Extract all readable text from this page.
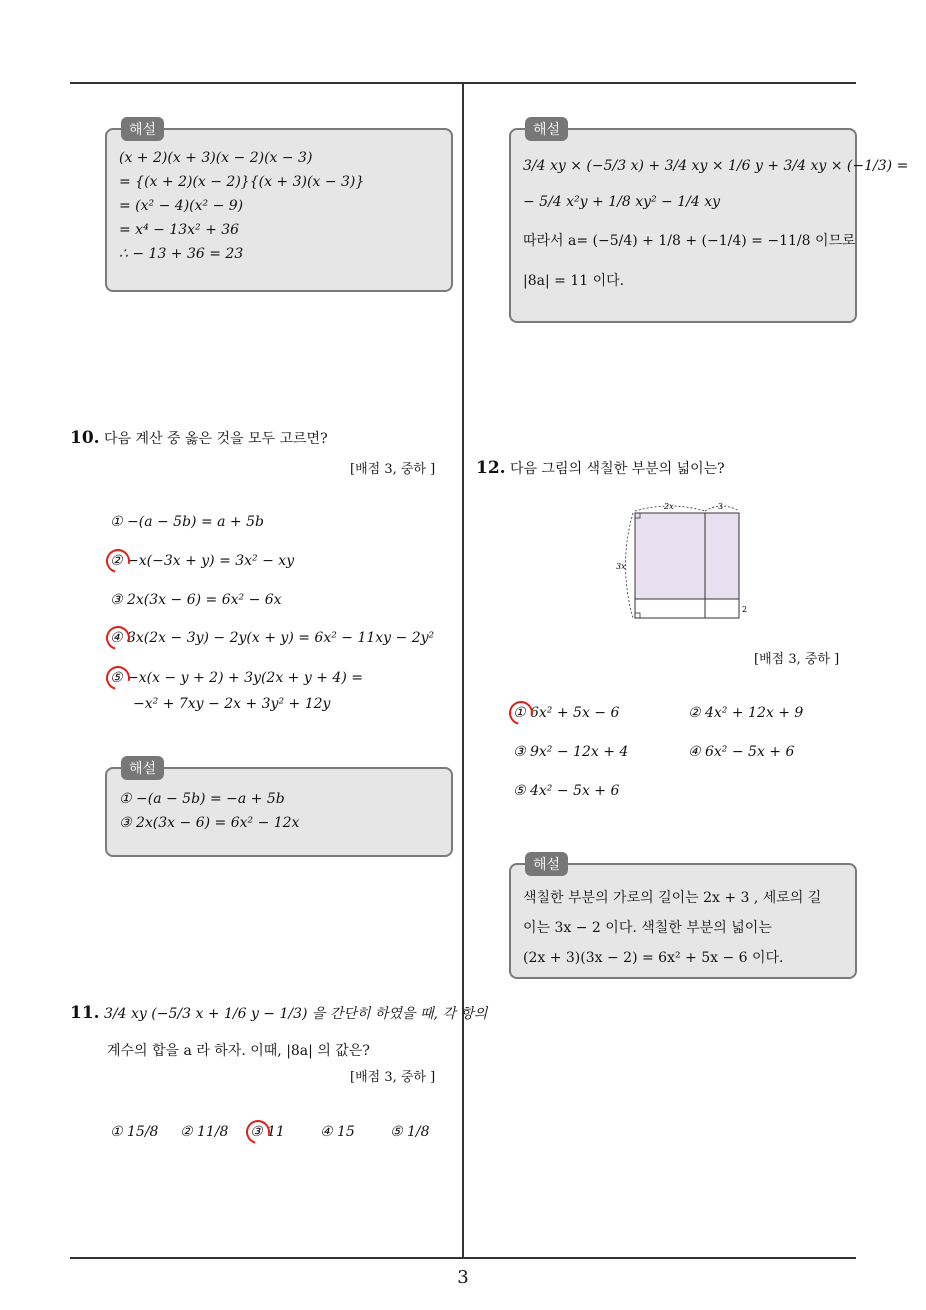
해설

(x + 2)(x + 3)(x − 2)(x − 3)

= {(x + 2)(x − 2)}{(x + 3)(x − 3)}

= (x² − 4)(x² − 9)

= x⁴ − 13x² + 36

∴ − 13 + 36 = 23

해설

3/4 xy × (−5/3 x) + 3/4 xy × 1/6 y + 3/4 xy × (−1/3) =

− 5/4 x²y + 1/8 xy² − 1/4 xy

따라서 a= (−5/4) + 1/8 + (−1/4) = −11/8 이므로

|8a| = 11 이다.

10. 다음 계산 중 옳은 것을 모두 고르면?
[배점 3, 중하 ]
① −(a − 5b) = a + 5b
② −x(−3x + y) = 3x² − xy
③ 2x(3x − 6) = 6x² − 6x
④ 3x(2x − 3y) − 2y(x + y) = 6x² − 11xy − 2y²
⑤ −x(x − y + 2) + 3y(2x + y + 4) =
−x² + 7xy − 2x + 3y² + 12y
해설

① −(a − 5b) = −a + 5b

③ 2x(3x − 6) = 6x² − 12x

11. 3/4 xy (−5/3 x + 1/6 y − 1/3) 을 간단히 하였을 때, 각 항의
계수의 합을 a 라 하자. 이때, |8a| 의 값은?
[배점 3, 중하 ]
① 15/8 ② 11/8 ③ 11	④ 15	⑤ 1/8
12. 다음 그림의 색칠한 부분의 넓이는?
2x	3
3x
2
[배점 3, 중하 ]
① 6x² + 5x − 6	② 4x² + 12x + 9
③ 9x² − 12x + 4	④ 6x² − 5x + 6
⑤ 4x² − 5x + 6
해설

색칠한 부분의 가로의 길이는 2x + 3 , 세로의 길

이는 3x − 2 이다. 색칠한 부분의 넓이는

(2x + 3)(3x − 2) = 6x² + 5x − 6 이다.

3
